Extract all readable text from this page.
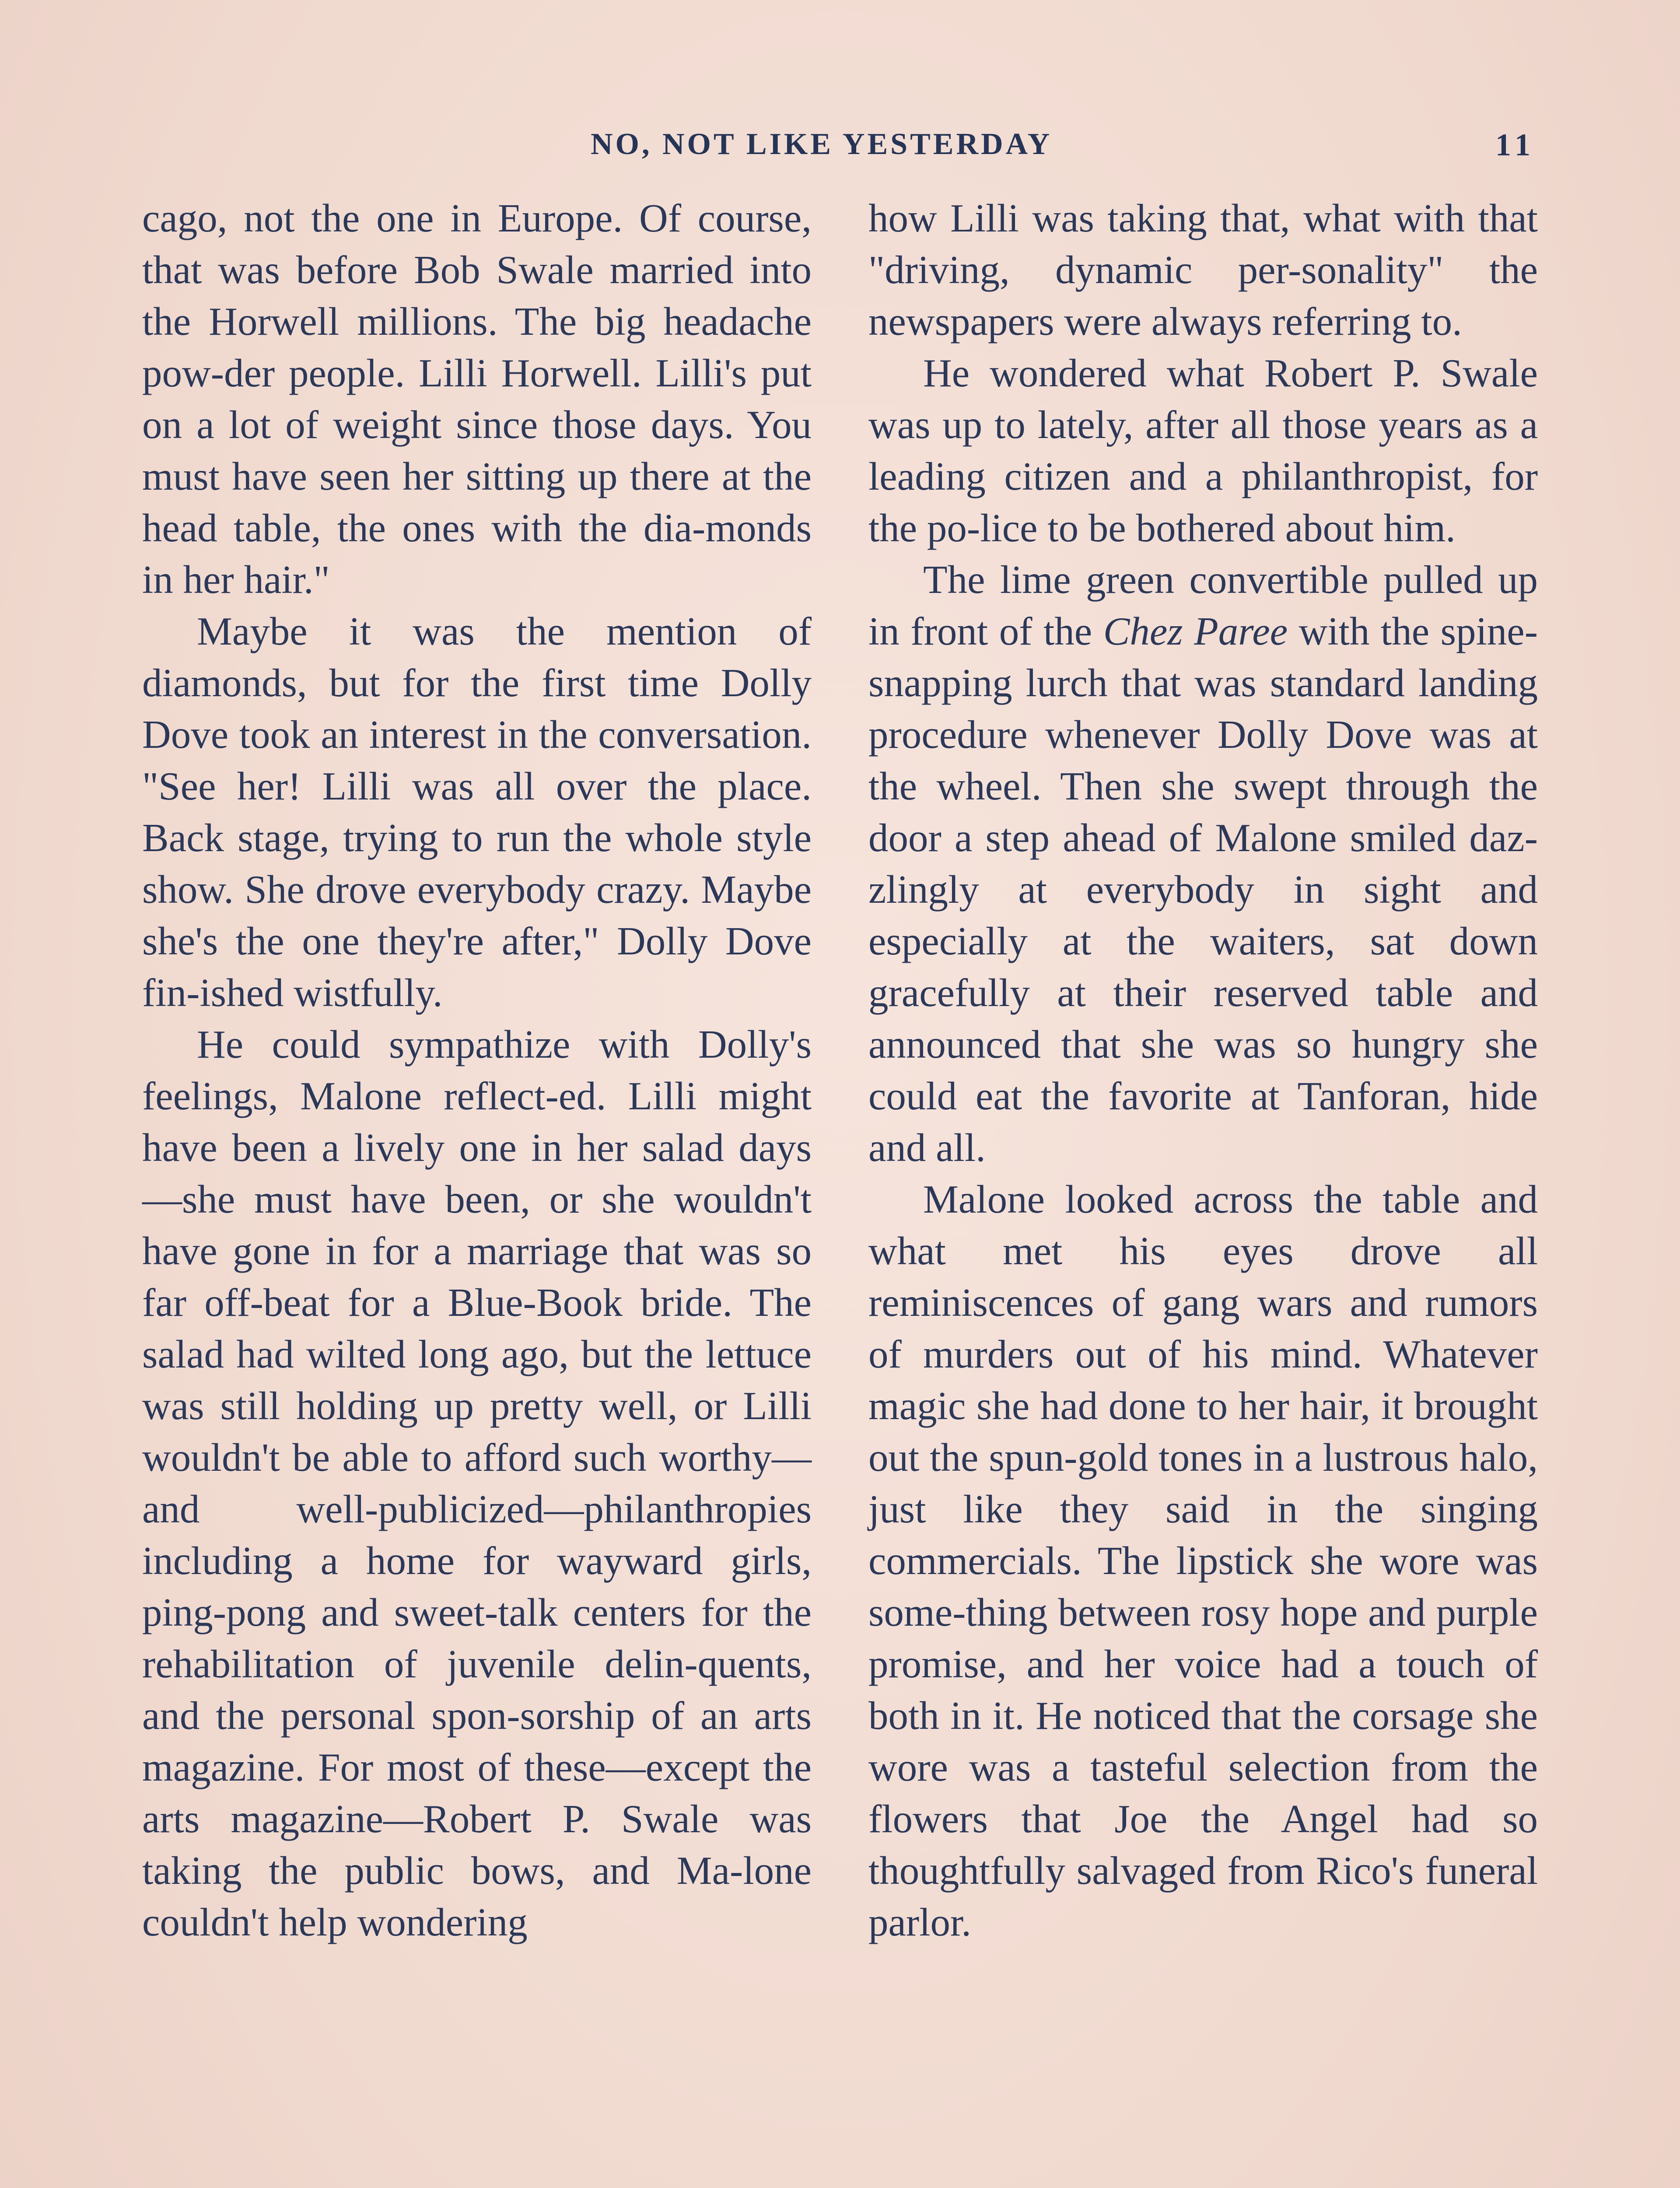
NO, NOT LIKE YESTERDAY	11

cago, not the one in Europe. Of course, that was before Bob Swale married into the Horwell millions. The big headache pow-der people. Lilli Horwell. Lilli's put on a lot of weight since those days. You must have seen her sitting up there at the head table, the ones with the dia-monds in her hair."

Maybe it was the mention of diamonds, but for the first time Dolly Dove took an interest in the conversation. "See her! Lilli was all over the place. Back stage, trying to run the whole style show. She drove everybody crazy. Maybe she's the one they're after," Dolly Dove fin-ished wistfully.

He could sympathize with Dolly's feelings, Malone reflect-ed. Lilli might have been a lively one in her salad days—she must have been, or she wouldn't have gone in for a marriage that was so far off-beat for a Blue-Book bride. The salad had wilted long ago, but the lettuce was still holding up pretty well, or Lilli wouldn't be able to afford such worthy—and well-publicized—philanthropies including a home for wayward girls, ping-pong and sweet-talk centers for the rehabilitation of juvenile delin-quents, and the personal spon-sorship of an arts magazine. For most of these—except the arts magazine—Robert P. Swale was taking the public bows, and Ma-lone couldn't help wondering

how Lilli was taking that, what with that "driving, dynamic per-sonality" the newspapers were always referring to.

He wondered what Robert P. Swale was up to lately, after all those years as a leading citizen and a philanthropist, for the po-lice to be bothered about him.

The lime green convertible pulled up in front of the Chez Paree with the spine-snapping lurch that was standard landing procedure whenever Dolly Dove was at the wheel. Then she swept through the door a step ahead of Malone smiled daz-zlingly at everybody in sight and especially at the waiters, sat down gracefully at their reserved table and announced that she was so hungry she could eat the favorite at Tanforan, hide and all.

Malone looked across the table and what met his eyes drove all reminiscences of gang wars and rumors of murders out of his mind. Whatever magic she had done to her hair, it brought out the spun-gold tones in a lustrous halo, just like they said in the singing commercials. The lipstick she wore was some-thing between rosy hope and purple promise, and her voice had a touch of both in it. He noticed that the corsage she wore was a tasteful selection from the flowers that Joe the Angel had so thoughtfully salvaged from Rico's funeral parlor.
